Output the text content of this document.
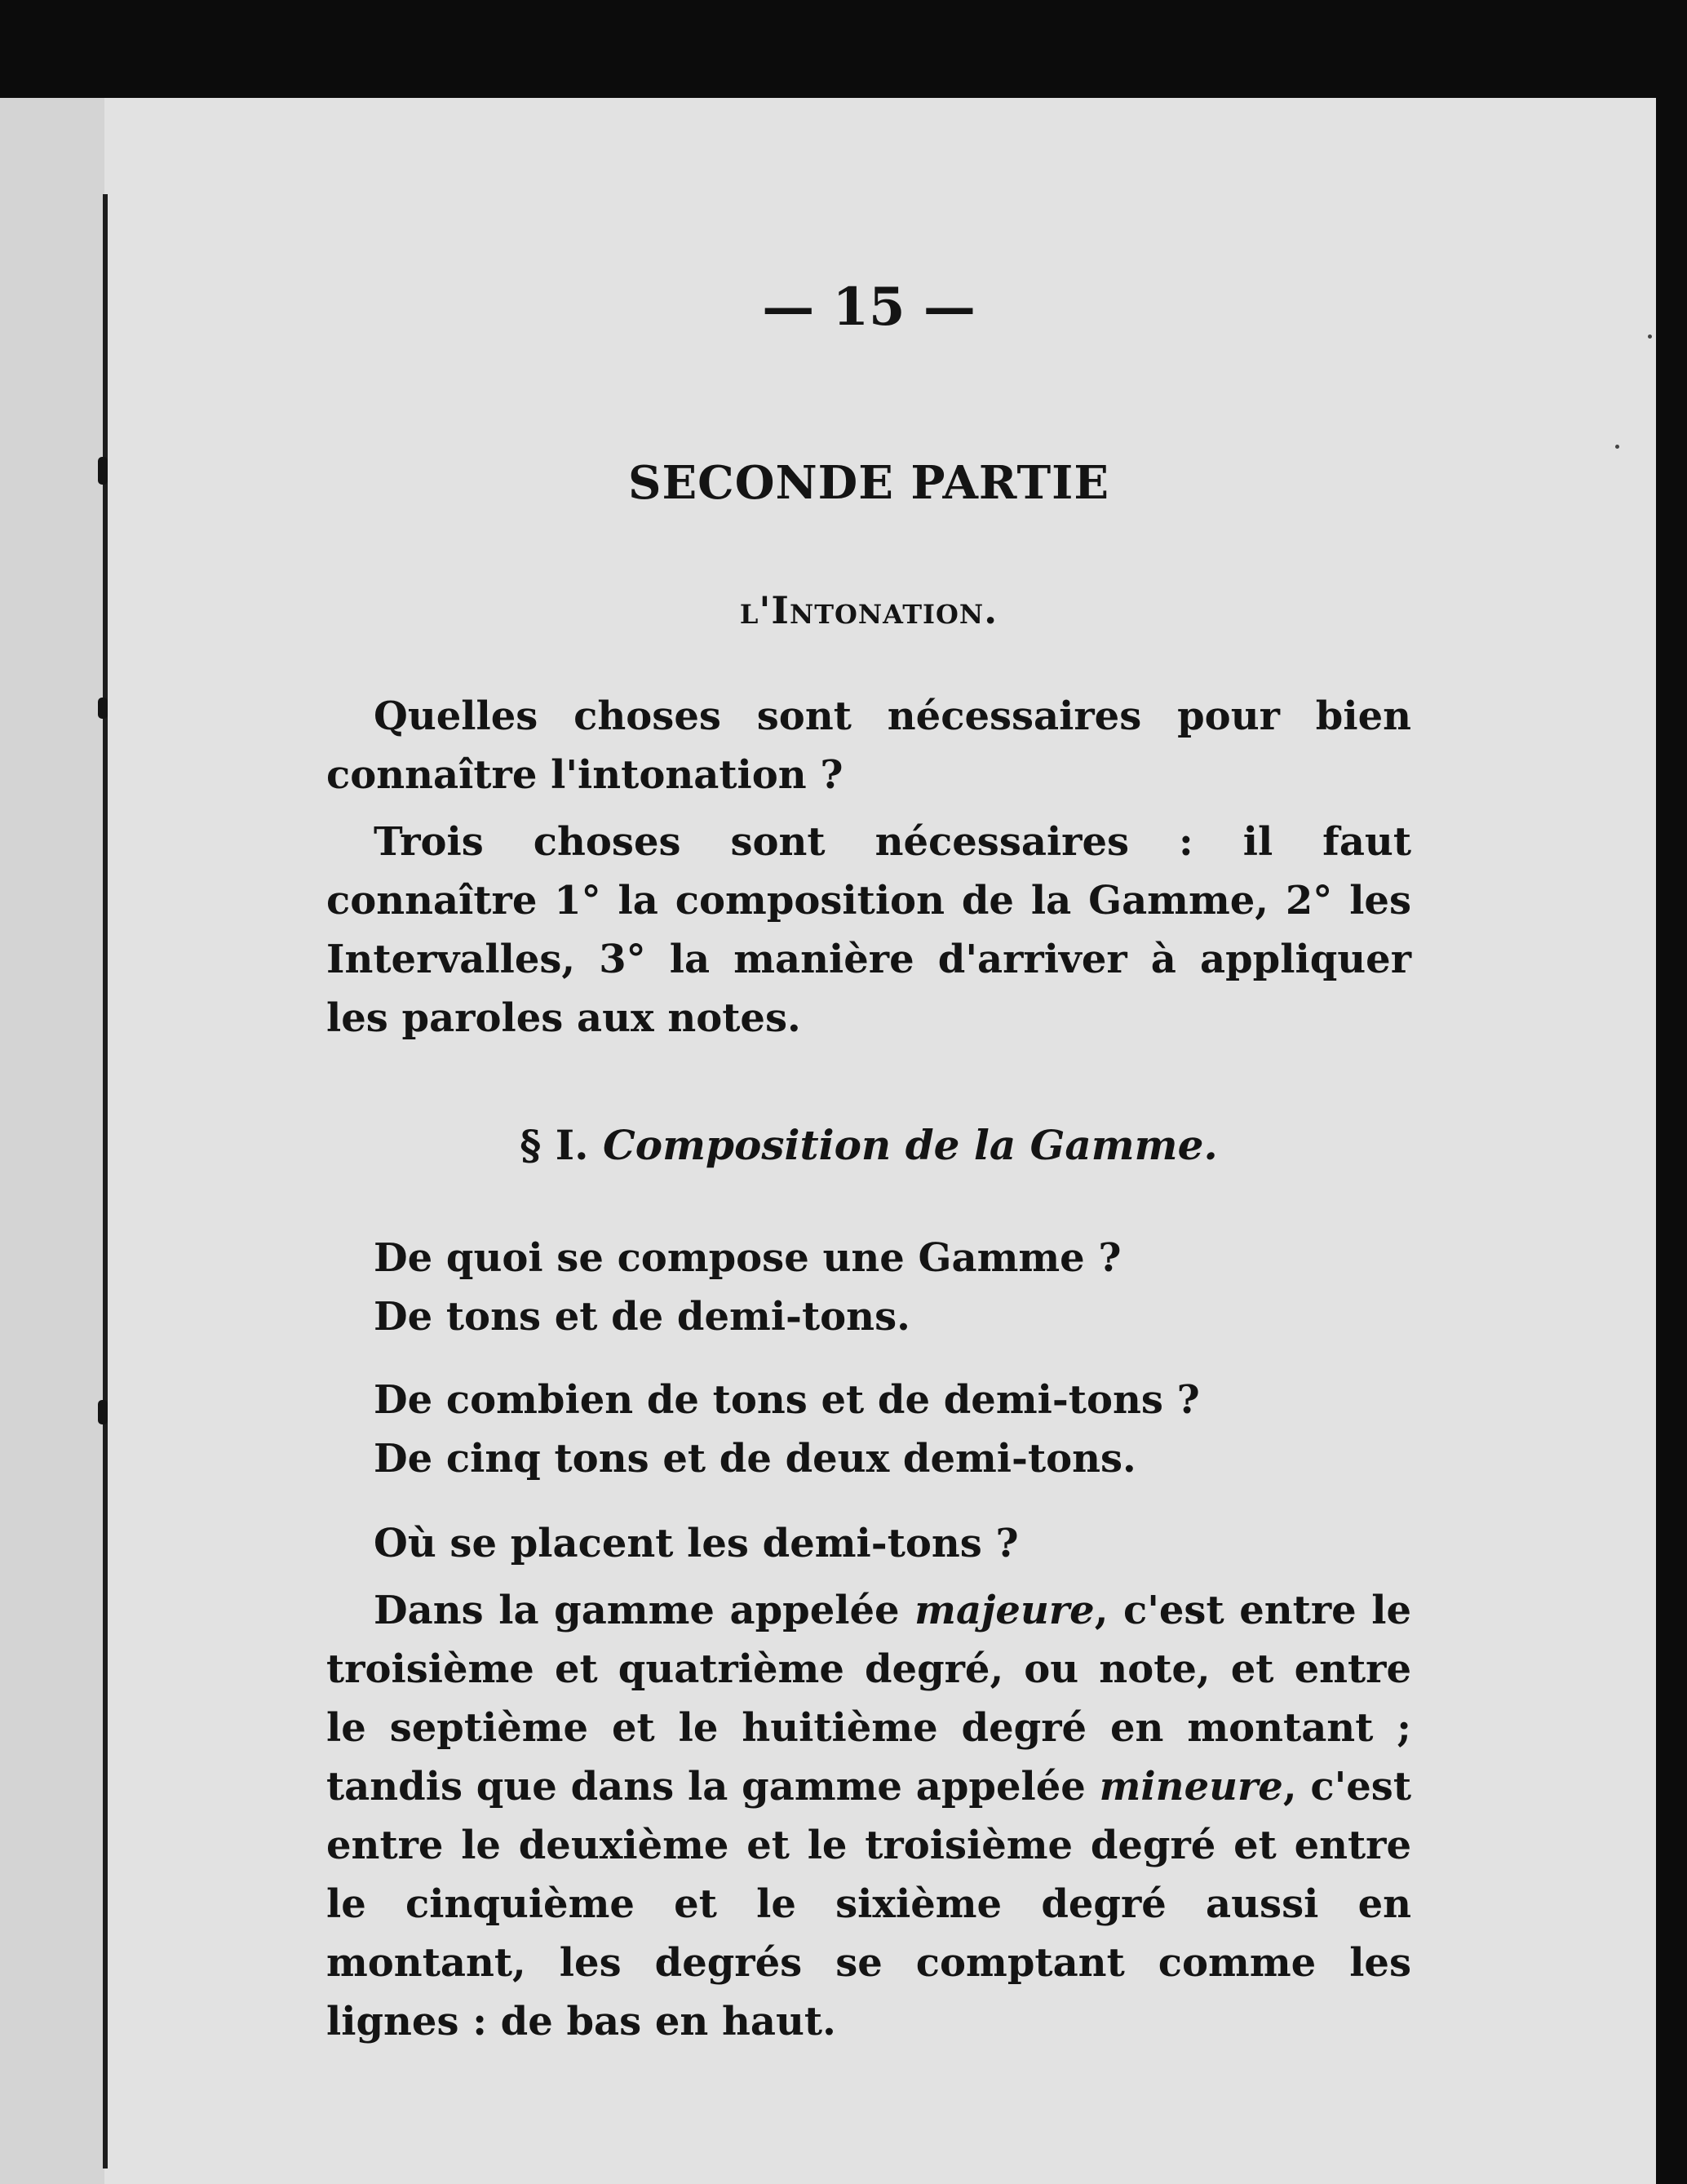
— 15 —
SECONDE PARTIE
l'Intonation.

Quelles choses sont nécessaires pour bien connaître l'intonation ?

Trois choses sont nécessaires : il faut connaître 1° la composition de la Gamme, 2° les Intervalles, 3° la manière d'arriver à appliquer les paroles aux notes.

§ I. Composition de la Gamme.

De quoi se compose une Gamme ?

De tons et de demi-tons.

De combien de tons et de demi-tons ?

De cinq tons et de deux demi-tons.

Où se placent les demi-tons ?

Dans la gamme appelée majeure, c'est entre le troisième et quatrième degré, ou note, et entre le septième et le huitième degré en montant ; tandis que dans la gamme appelée mineure, c'est entre le deuxième et le troisième degré et entre le cinquième et le sixième degré aussi en montant, les degrés se comptant comme les lignes : de bas en haut.
